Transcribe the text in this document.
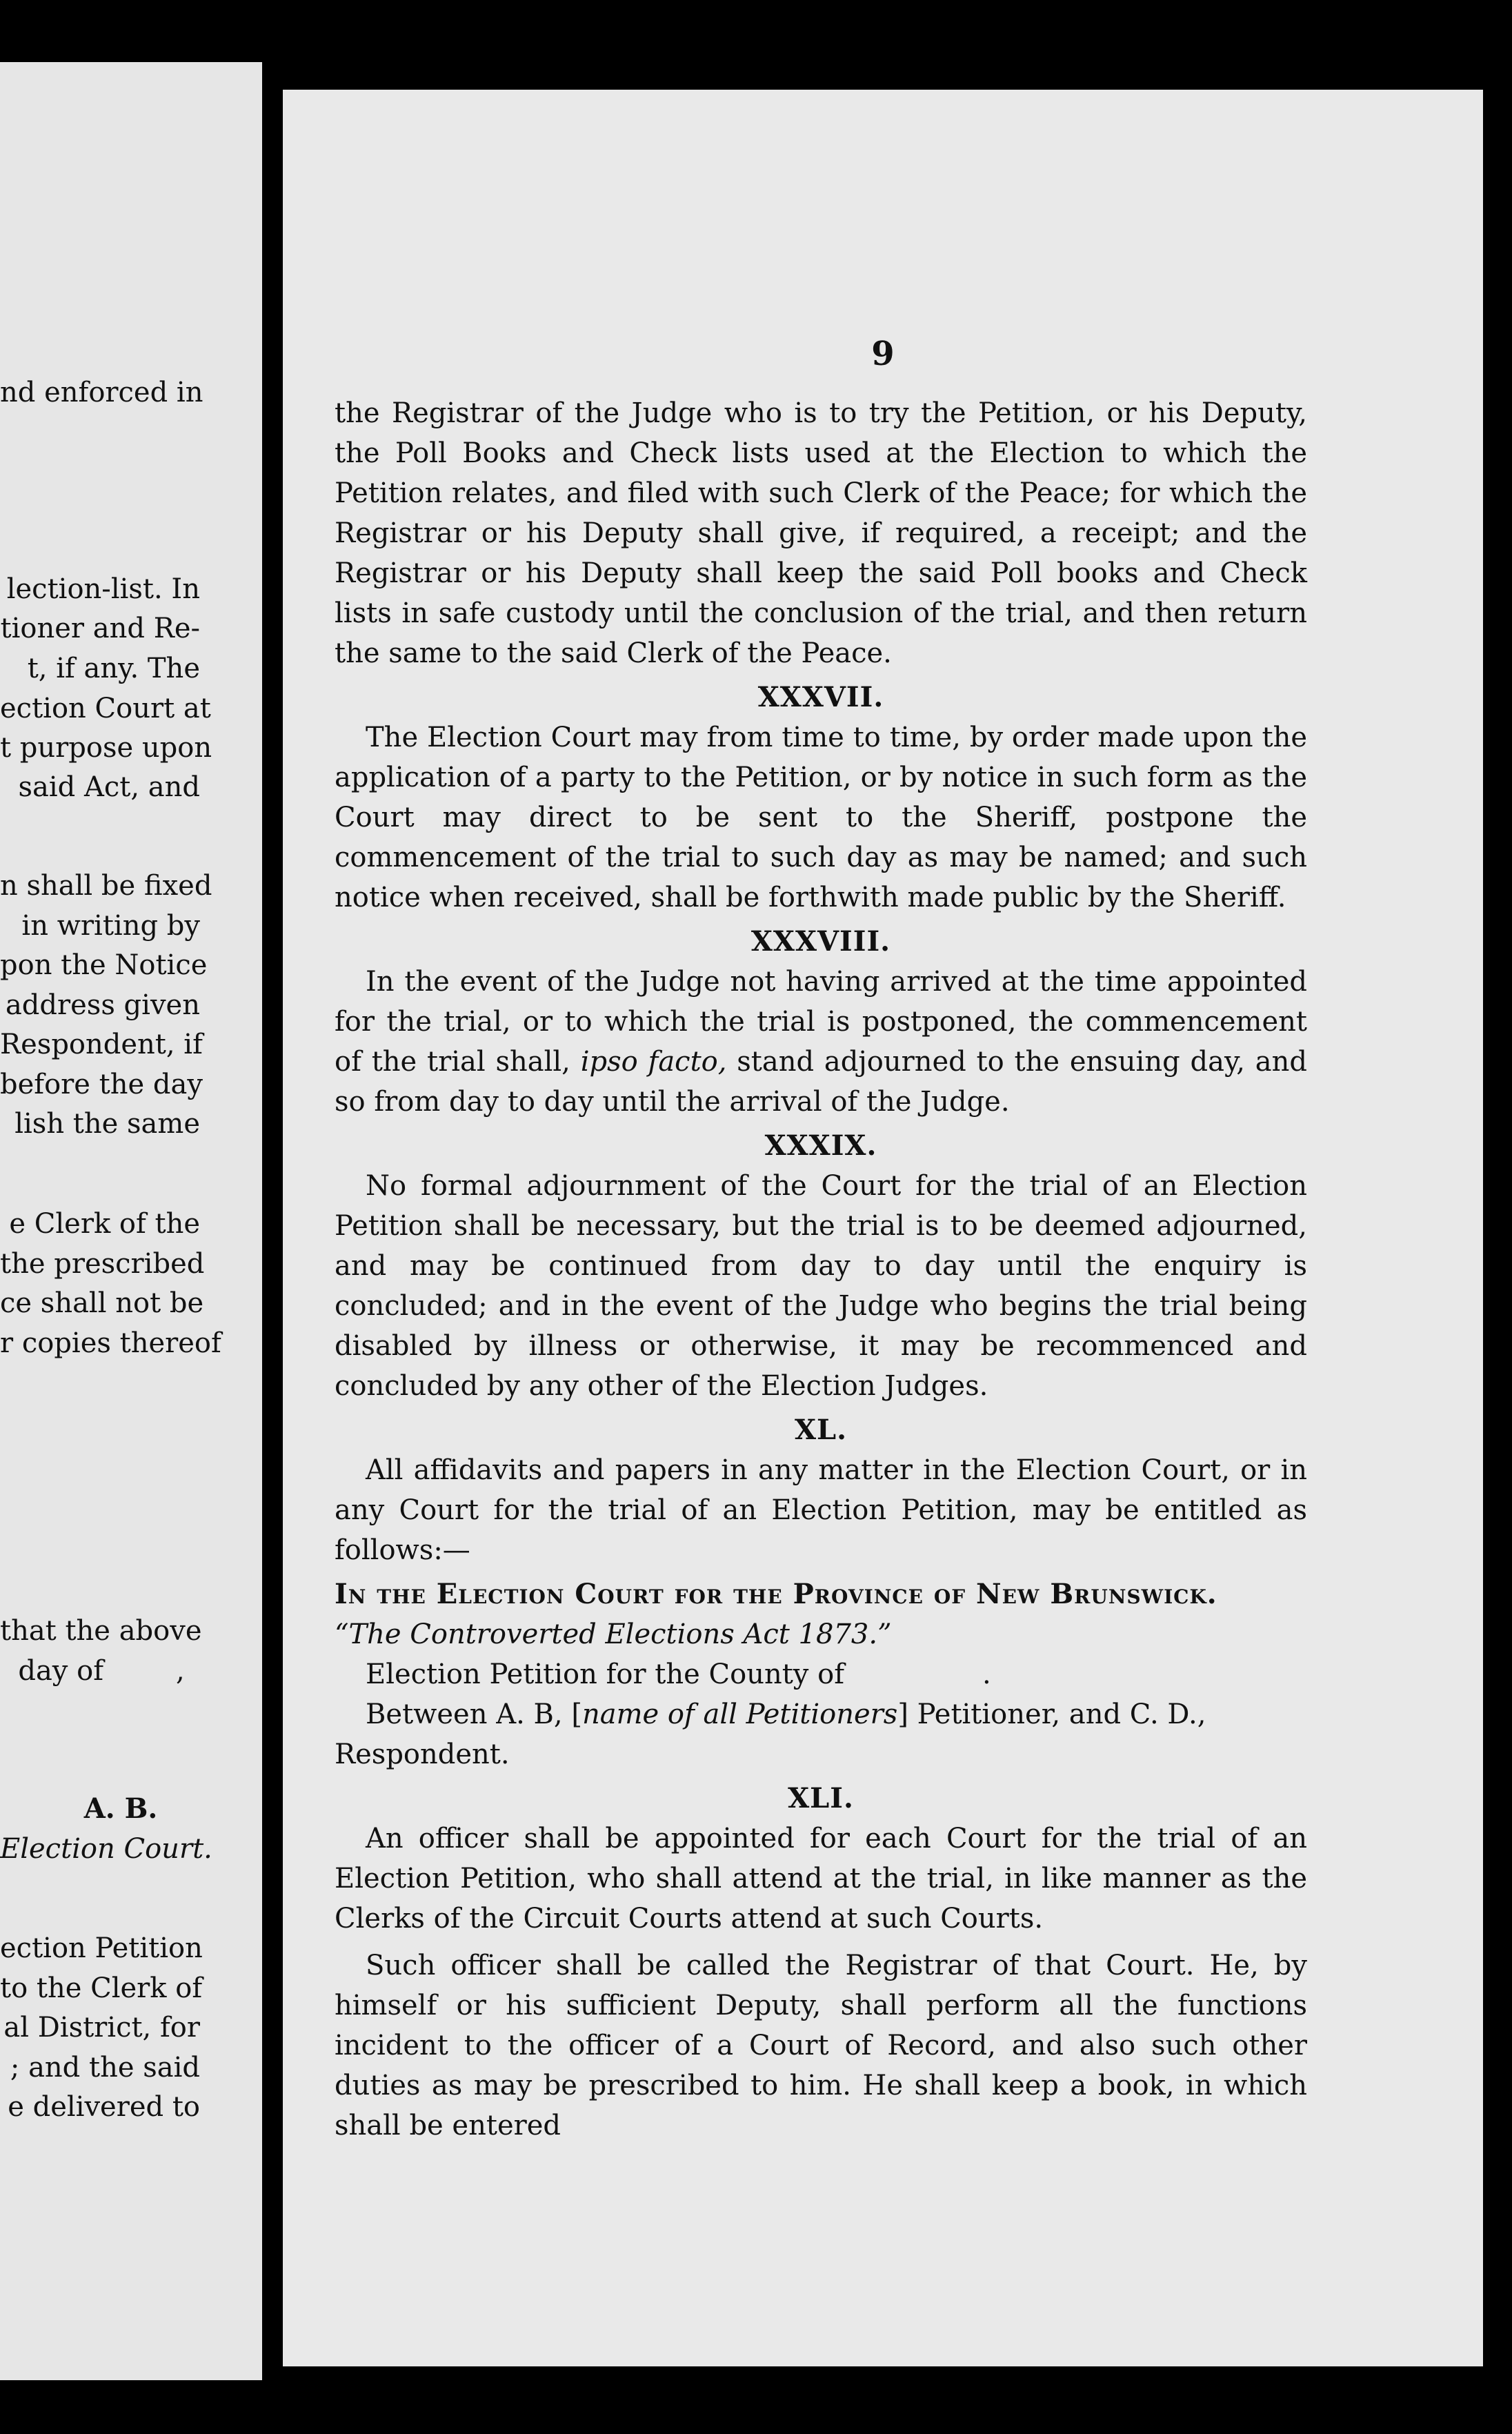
nd enforced in
lection-list. In
tioner and Re-
t, if any. The
ection Court at
t purpose upon
said Act, and
n shall be fixed
in writing by
pon the Notice
address given
Respondent, if
before the day
lish the same
e Clerk of the
the prescribed
ce shall not be
r copies thereof
that the above
day of	,
A. B.
Election Court.
ection Petition
to the Clerk of
al District, for
; and the said
e delivered to
9

the Registrar of the Judge who is to try the Petition, or his Deputy, the Poll Books and Check lists used at the Election to which the Petition relates, and filed with such Clerk of the Peace; for which the Registrar or his Deputy shall give, if required, a receipt; and the Registrar or his Deputy shall keep the said Poll books and Check lists in safe custody until the conclusion of the trial, and then return the same to the said Clerk of the Peace.

XXXVII.

The Election Court may from time to time, by order made upon the application of a party to the Petition, or by notice in such form as the Court may direct to be sent to the Sheriff, postpone the commencement of the trial to such day as may be named; and such notice when received, shall be forthwith made public by the Sheriff.

XXXVIII.

In the event of the Judge not having arrived at the time appointed for the trial, or to which the trial is postponed, the commencement of the trial shall, ipso facto, stand adjourned to the ensuing day, and so from day to day until the arrival of the Judge.

XXXIX.

No formal adjournment of the Court for the trial of an Election Petition shall be necessary, but the trial is to be deemed adjourned, and may be continued from day to day until the enquiry is concluded; and in the event of the Judge who begins the trial being disabled by illness or otherwise, it may be recommenced and concluded by any other of the Election Judges.

XL.

All affidavits and papers in any matter in the Election Court, or in any Court for the trial of an Election Petition, may be entitled as follows:—

In the Election Court for the Province of New Brunswick.

“The Controverted Elections Act 1873.”

Election Petition for the County of	.

Between A. B, [name of all Petitioners] Petitioner, and C. D.,

Respondent.

XLI.

An officer shall be appointed for each Court for the trial of an Election Petition, who shall attend at the trial, in like manner as the Clerks of the Circuit Courts attend at such Courts.

Such officer shall be called the Registrar of that Court. He, by himself or his sufficient Deputy, shall perform all the functions incident to the officer of a Court of Record, and also such other duties as may be prescribed to him. He shall keep a book, in which shall be entered
